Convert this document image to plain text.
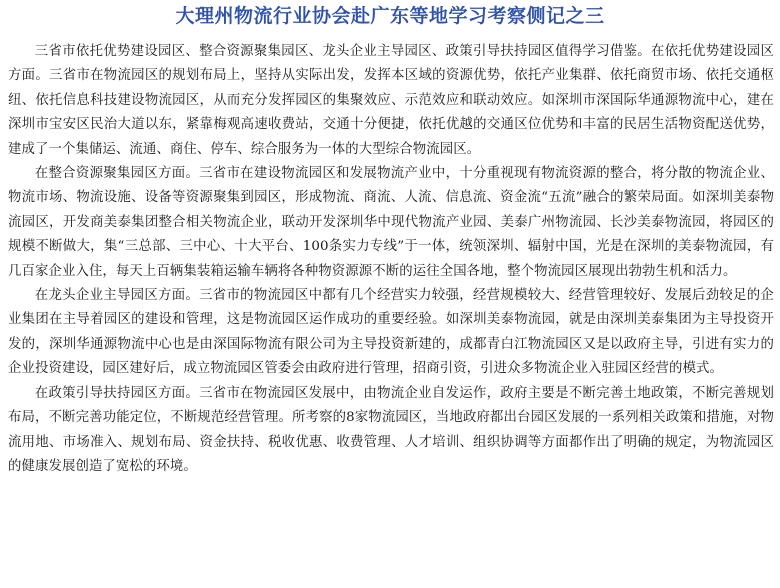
大理州物流行业协会赴广东等地学习考察侧记之三

三省市依托优势建设园区、整合资源聚集园区、龙头企业主导园区、政策引导扶持园区值得学习借鉴。在依托优势建设园区方面。三省市在物流园区的规划布局上，坚持从实际出发，发挥本区域的资源优势，依托产业集群、依托商贸市场、依托交通枢纽、依托信息科技建设物流园区，从而充分发挥园区的集聚效应、示范效应和联动效应。如深圳市深国际华通源物流中心，建在深圳市宝安区民治大道以东，紧靠梅观高速收费站，交通十分便捷，依托优越的交通区位优势和丰富的民居生活物资配送优势，建成了一个集储运、流通、商住、停车、综合服务为一体的大型综合物流园区。

在整合资源聚集园区方面。三省市在建设物流园区和发展物流产业中，十分重视现有物流资源的整合，将分散的物流企业、物流市场、物流设施、设备等资源聚集到园区，形成物流、商流、人流、信息流、资金流“五流”融合的繁荣局面。如深圳美泰物流园区，开发商美泰集团整合相关物流企业，联动开发深圳华中现代物流产业园、美泰广州物流园、长沙美泰物流园，将园区的规模不断做大，集“三总部、三中心、十大平台、100条实力专线”于一体，统领深圳、辐射中国，光是在深圳的美泰物流园，有几百家企业入住，每天上百辆集装箱运输车辆将各种物资源源不断的运往全国各地，整个物流园区展现出勃勃生机和活力。

在龙头企业主导园区方面。三省市的物流园区中都有几个经营实力较强，经营规模较大、经营管理较好、发展后劲较足的企业集团在主导着园区的建设和管理，这是物流园区运作成功的重要经验。如深圳美泰物流园，就是由深圳美泰集团为主导投资开发的，深圳华通源物流中心也是由深国际物流有限公司为主导投资新建的，成都青白江物流园区又是以政府主导，引进有实力的企业投资建设，园区建好后，成立物流园区管委会由政府进行管理，招商引资，引进众多物流企业入驻园区经营的模式。

在政策引导扶持园区方面。三省市在物流园区发展中，由物流企业自发运作，政府主要是不断完善土地政策，不断完善规划布局，不断完善功能定位，不断规范经营管理。所考察的8家物流园区，当地政府都出台园区发展的一系列相关政策和措施，对物流用地、市场准入、规划布局、资金扶持、税收优惠、收费管理、人才培训、组织协调等方面都作出了明确的规定，为物流园区的健康发展创造了宽松的环境。
